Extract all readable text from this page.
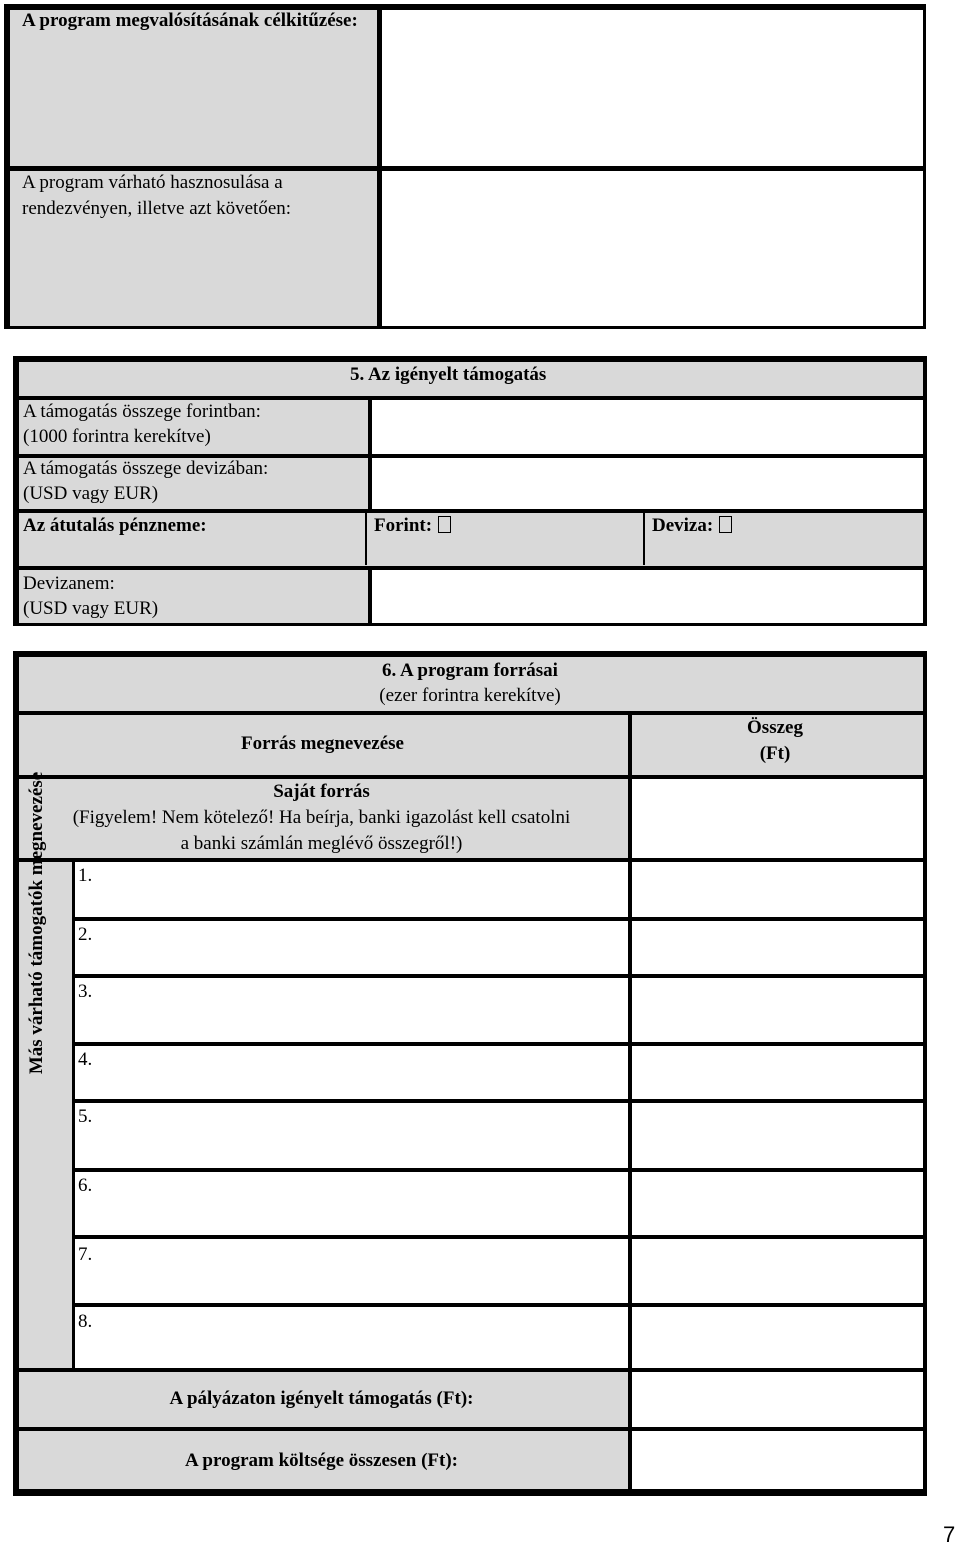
A program megvalósításának célkitűzése:
A program várható hasznosulása a rendezvényen, illetve azt követően:
5. Az igényelt támogatás
A támogatás összege forintban:
(1000 forintra kerekítve)
A támogatás összege devizában:
(USD vagy EUR)
Az átutalás pénzneme:	Forint:	Deviza:
Devizanem:
(USD vagy EUR)
6. A program forrásai
(ezer forintra kerekítve)
Forrás megnevezése
Összeg
(Ft)
Saját forrás
(Figyelem! Nem kötelező! Ha beírja, banki igazolást kell csatolni
a banki számlán meglévő összegről!)
Más várható támogatók megnevezése 1.
2.
3.
4.
5.
6.
7.
8.
A pályázaton igényelt támogatás (Ft):
A program költsége összesen (Ft):
7
